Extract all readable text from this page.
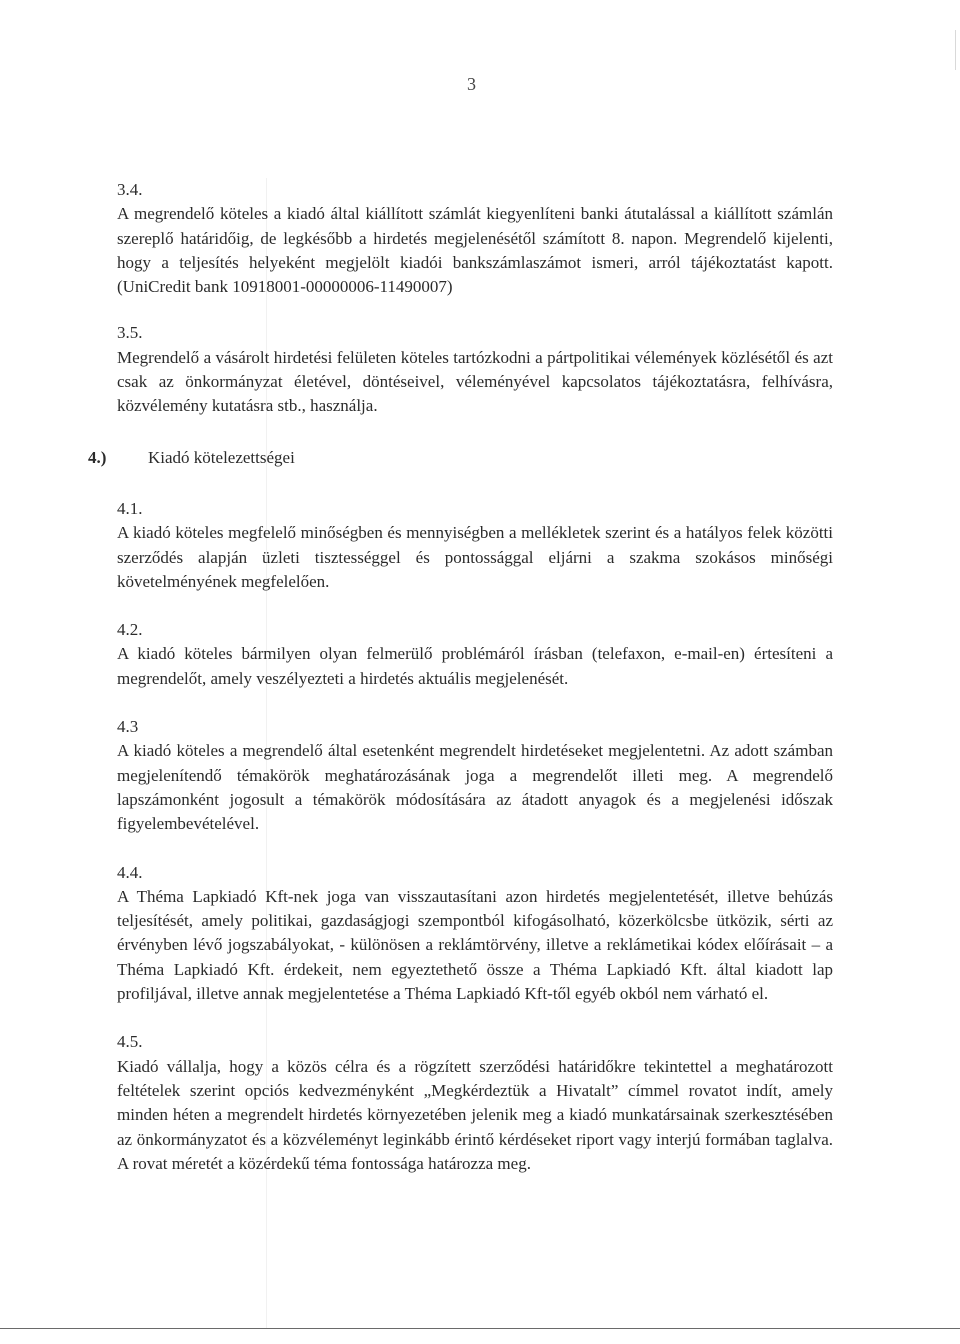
3
3.4.
A megrendelő köteles a kiadó által kiállított számlát kiegyenlíteni banki átutalással a kiállított számlán szereplő határidőig, de legkésőbb a hirdetés megjelenésétől számított 8. napon. Megrendelő kijelenti, hogy a teljesítés helyeként megjelölt kiadói bankszámlaszámot ismeri, arról tájékoztatást kapott. (UniCredit bank 10918001-00000006-11490007)
3.5.
Megrendelő a vásárolt hirdetési felületen köteles tartózkodni a pártpolitikai vélemények közlésétől és azt csak az önkormányzat életével, döntéseivel, véleményével kapcsolatos tájékoztatásra, felhívásra, közvélemény kutatásra stb., használja.
4.)	Kiadó kötelezettségei
4.1.
A kiadó köteles megfelelő minőségben és mennyiségben a mellékletek szerint és a hatályos felek közötti szerződés alapján üzleti tisztességgel és pontossággal eljárni a szakma szokásos minőségi követelményének megfelelően.
4.2.
A kiadó köteles bármilyen olyan felmerülő problémáról írásban (telefaxon, e-mail-en) értesíteni a megrendelőt, amely veszélyezteti a hirdetés aktuális megjelenését.
4.3
A kiadó köteles a megrendelő által esetenként megrendelt hirdetéseket megjelentetni. Az adott számban megjelenítendő témakörök meghatározásának joga a megrendelőt illeti meg. A megrendelő lapszámonként jogosult a témakörök módosítására az átadott anyagok és a megjelenési időszak figyelembevételével.
4.4.
A Théma Lapkiadó Kft-nek joga van visszautasítani azon hirdetés megjelentetését, illetve behúzás teljesítését, amely politikai, gazdaságjogi szempontból kifogásolható, közerkölcsbe ütközik, sérti az érvényben lévő jogszabályokat, - különösen a reklámtörvény, illetve a reklámetikai kódex előírásait – a Théma Lapkiadó Kft. érdekeit, nem egyeztethető össze a Théma Lapkiadó Kft. által kiadott lap profiljával, illetve annak megjelentetése a Théma Lapkiadó Kft-től egyéb okból nem várható el.
4.5.
Kiadó vállalja, hogy a közös célra és a rögzített szerződési határidőkre tekintettel a meghatározott feltételek szerint opciós kedvezményként „Megkérdeztük a Hivatalt” címmel rovatot indít, amely minden héten a megrendelt hirdetés környezetében jelenik meg a kiadó munkatársainak szerkesztésében az önkormányzatot és a közvéleményt leginkább érintő kérdéseket riport vagy interjú formában taglalva. A rovat méretét a közérdekű téma fontossága határozza meg.
